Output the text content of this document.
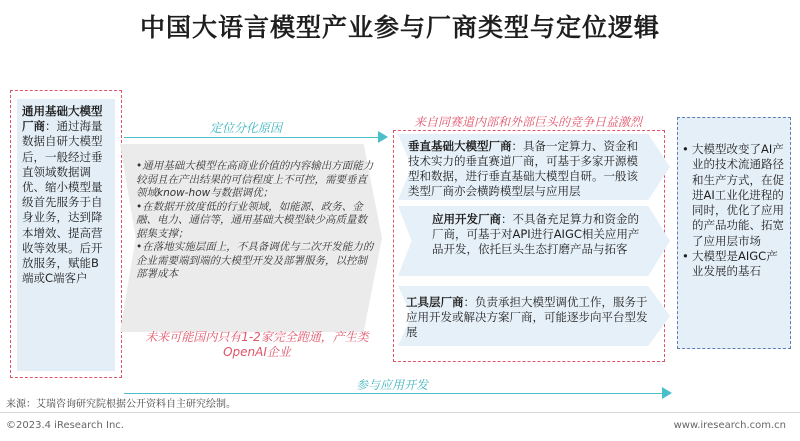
中国大语言模型产业参与厂商类型与定位逻辑
通用基础大模型厂商：通过海量数据自研大模型后，一般经过垂直领域数据调优、缩小模型量级首先服务于自身业务，达到降本增效、提高营收等效果。后开放服务，赋能B端或C端客户
定位分化原因

•通用基础大模型在高商业价值的内容输出方面能力较弱且在产出结果的可信程度上不可控，需要垂直领域know-how与数据调优；

•在数据开放度低的行业领域，如能源、政务、金融、电力、通信等，通用基础大模型缺少高质量数据集支撑；

•在落地实施层面上，不具备调优与二次开发能力的企业需要端到端的大模型开发及部署服务，以控制部署成本

来自同赛道内部和外部巨头的竞争日益激烈
垂直基础大模型厂商：具备一定算力、资金和技术实力的垂直赛道厂商，可基于多家开源模型和数据，进行垂直基础大模型自研。一般该类型厂商亦会横跨模型层与应用层
应用开发厂商：不具备充足算力和资金的厂商，可基于对API进行AIGC相关应用产品开发，依托巨头生态打磨产品与拓客
工具层厂商：负责承担大模型调优工作，服务于应用开发或解决方案厂商，可能逐步向平台型发展
未来可能国内只有1-2家完全跑通，产生类OpenAI企业
• 大模型改变了AI产业的技术流通路径和生产方式，在促进AI工业化进程的同时，优化了应用的产品功能、拓宽了应用层市场
• 大模型是AIGC产业发展的基石
参与应用开发
来源：艾瑞咨询研究院根据公开资料自主研究绘制。
©2023.4 iResearch Inc.	www.iresearch.com.cn
